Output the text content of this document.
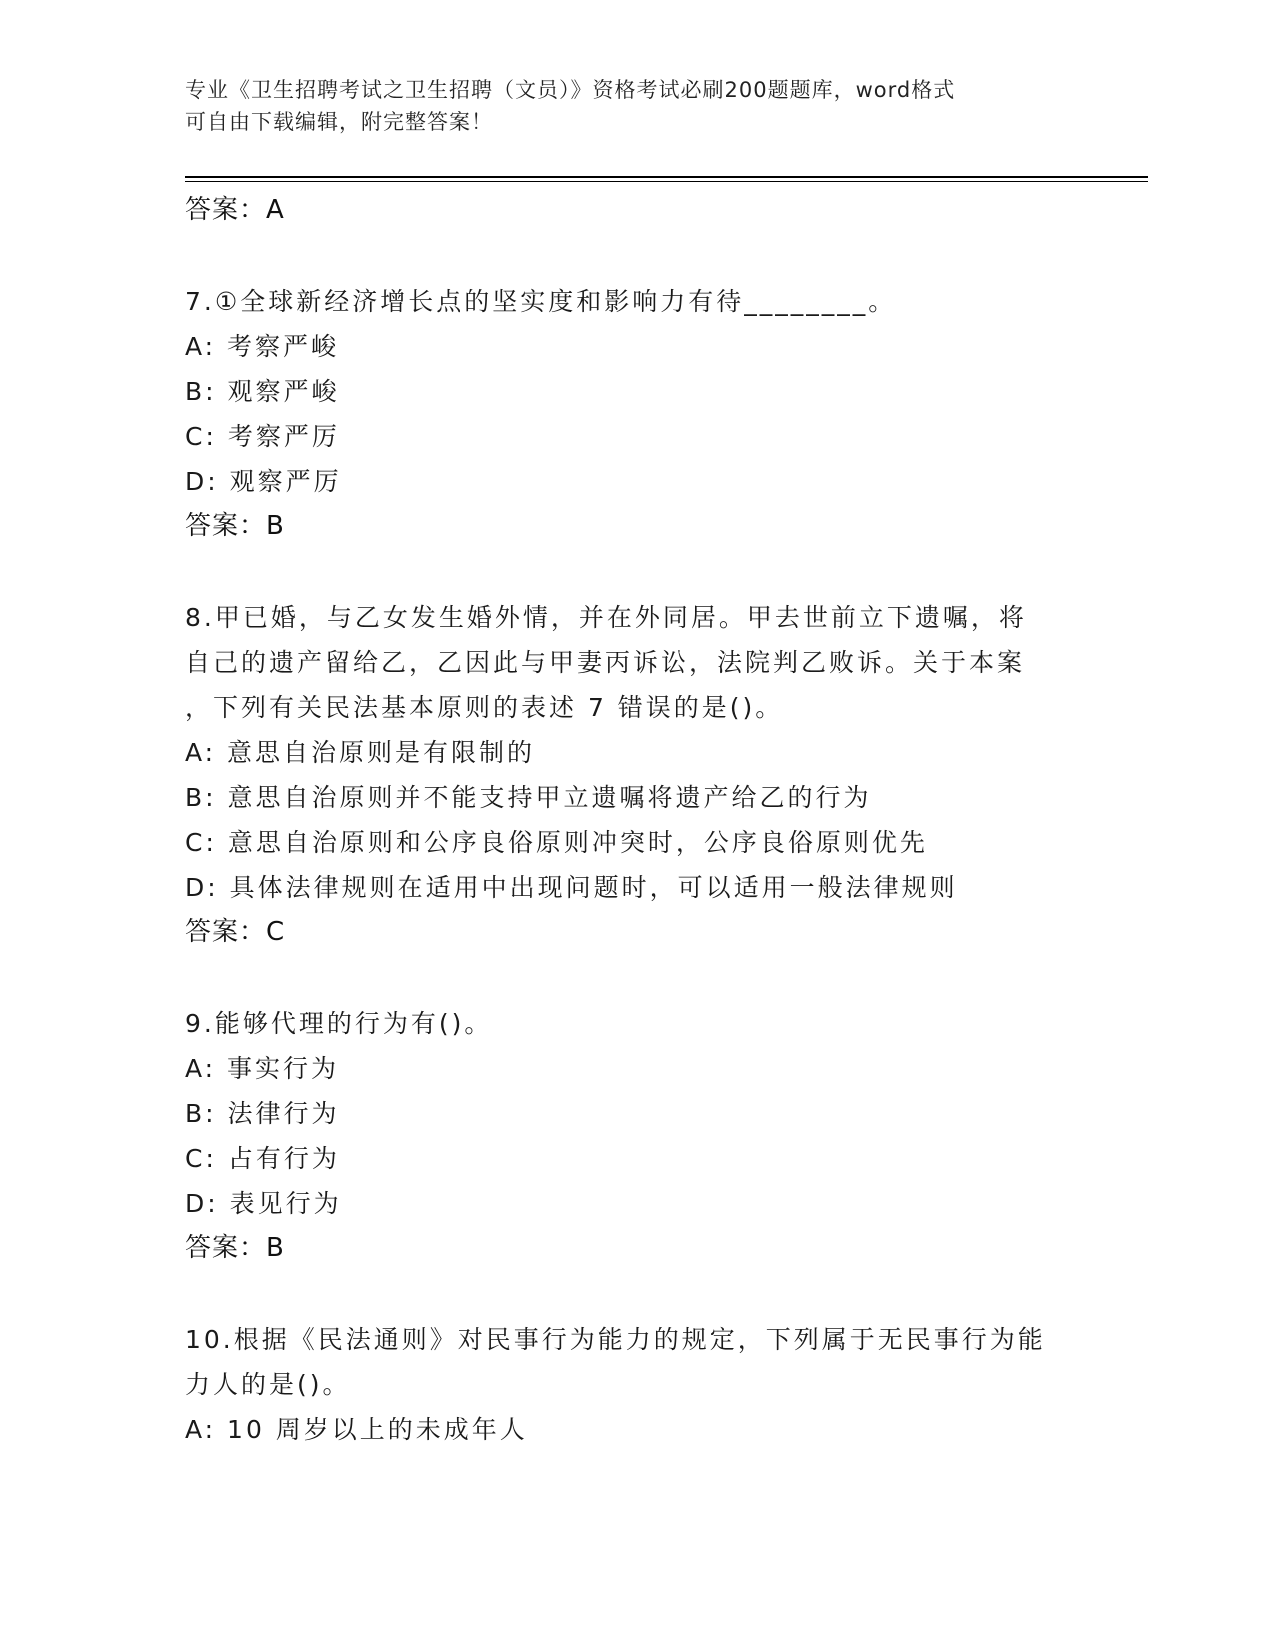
专业《卫生招聘考试之卫生招聘（文员）》资格考试必刷200题题库，word格式
可自由下载编辑，附完整答案！
答案：A
7.①全球新经济增长点的坚实度和影响力有待________。
A: 考察严峻
B: 观察严峻
C: 考察严厉
D: 观察严厉
答案：B
8.甲已婚，与乙女发生婚外情，并在外同居。甲去世前立下遗嘱，将
自己的遗产留给乙，乙因此与甲妻丙诉讼，法院判乙败诉。关于本案
，下列有关民法基本原则的表述 7 错误的是()。
A: 意思自治原则是有限制的
B: 意思自治原则并不能支持甲立遗嘱将遗产给乙的行为
C: 意思自治原则和公序良俗原则冲突时，公序良俗原则优先
D: 具体法律规则在适用中出现问题时，可以适用一般法律规则
答案：C
9.能够代理的行为有()。
A: 事实行为
B: 法律行为
C: 占有行为
D: 表见行为
答案：B
10.根据《民法通则》对民事行为能力的规定，下列属于无民事行为能
力人的是()。
A: 10 周岁以上的未成年人
